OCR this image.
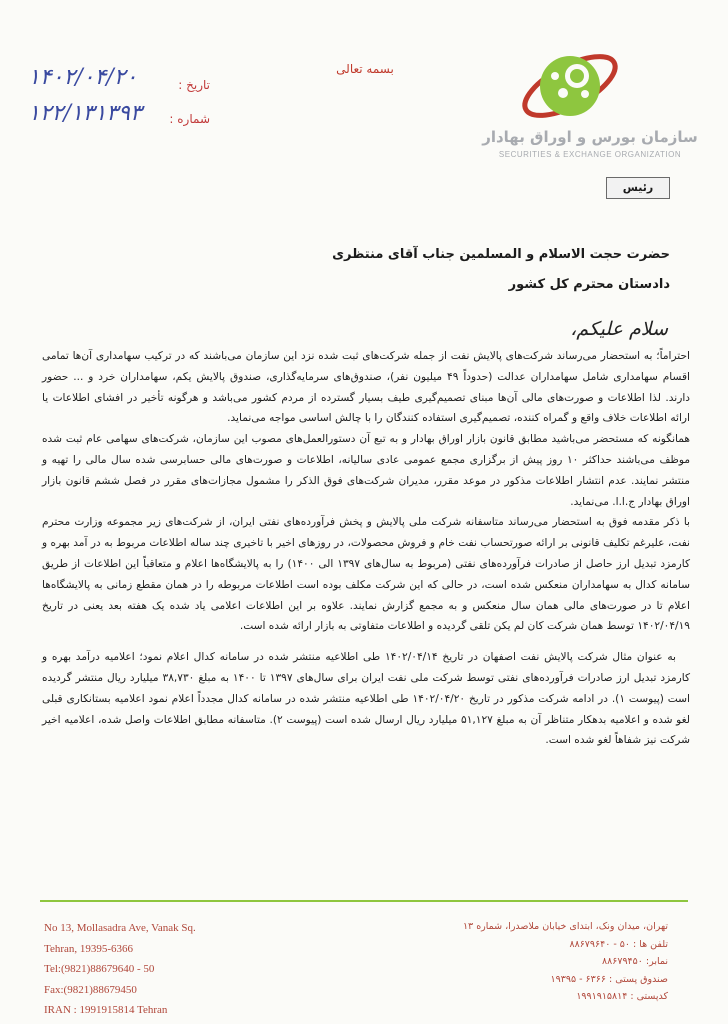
سازمان بورس و اوراق بهادار
SECURITIES & EXCHANGE ORGANIZATION
بسمه تعالی
تاریخ :
شماره :
۱۴۰۲/۰۴/۲۰
۱۲۲/۱۳۱۳۹۳
رئیس
حضرت حجت الاسلام و المسلمین جناب آقای منتظری
دادستان محترم کل کشور
سلام علیکم،

احتراماً؛ به استحضار می‌رساند شرکت‌های پالایش نفت از جمله شرکت‌های ثبت شده نزد این سازمان می‌باشند که در ترکیب سهامداری آن‌ها تمامی اقسام سهامداری شامل سهامداران عدالت (حدوداً ۴۹ میلیون نفر)، صندوق‌های سرمایه‌گذاری، صندوق پالایش یکم، سهامداران خرد و ... حضور دارند. لذا اطلاعات و صورت‌های مالی آن‌ها مبنای تصمیم‌گیری طیف بسیار گسترده از مردم کشور می‌باشد و هرگونه تأخیر در افشای اطلاعات یا ارائه اطلاعات خلاف واقع و گمراه کننده، تصمیم‌گیری استفاده کنندگان را با چالش اساسی مواجه می‌نماید.

همانگونه که مستحضر می‌باشید مطابق قانون بازار اوراق بهادار و به تبع آن دستورالعمل‌های مصوب این سازمان، شرکت‌های سهامی عام ثبت شده موظف می‌باشند حداکثر ۱۰ روز پیش از برگزاری مجمع عمومی عادی سالیانه، اطلاعات و صورت‌های مالی حسابرسی شده سال مالی را تهیه و منتشر نمایند. عدم انتشار اطلاعات مذکور در موعد مقرر، مدیران شرکت‌های فوق الذکر را مشمول مجازات‌های مقرر در فصل ششم قانون بازار اوراق بهادار ج.ا.ا. می‌نماید.

با ذکر مقدمه فوق به استحضار می‌رساند متاسفانه شرکت ملی پالایش و پخش فرآورده‌های نفتی ایران، از شرکت‌های زیر مجموعه وزارت محترم نفت، علیرغم تکلیف قانونی بر ارائه صورتحساب نفت خام و فروش محصولات، در روزهای اخیر با تاخیری چند ساله اطلاعات مربوط به در آمد بهره و کارمزد تبدیل ارز حاصل از صادرات فرآورده‌های نفتی (مربوط به سال‌های ۱۳۹۷ الی ۱۴۰۰) را به پالایشگاه‌ها اعلام و متعاقباً این اطلاعات از طریق سامانه کدال به سهامداران منعکس شده است، در حالی که این شرکت مکلف بوده است اطلاعات مربوطه را در همان مقطع زمانی به پالایشگاه‌ها اعلام تا در صورت‌های مالی همان سال منعکس و به مجمع گزارش نمایند. علاوه بر این اطلاعات اعلامی یاد شده یک هفته بعد یعنی در تاریخ ۱۴۰۲/۰۴/۱۹ توسط همان شرکت کان لم یکن تلقی گردیده و اطلاعات متفاوتی به بازار ارائه شده است.

به عنوان مثال شرکت پالایش نفت اصفهان در تاریخ ۱۴۰۲/۰۴/۱۴ طی اطلاعیه منتشر شده در سامانه کدال اعلام نمود؛ اعلامیه درآمد بهره و کارمزد تبدیل ارز صادرات فرآورده‌های نفتی توسط شرکت ملی نفت ایران برای سال‌های ۱۳۹۷ تا ۱۴۰۰ به مبلغ ۳۸,۷۳۰ میلیارد ریال منتشر گردیده است (پیوست ۱). در ادامه شرکت مذکور در تاریخ ۱۴۰۲/۰۴/۲۰ طی اطلاعیه منتشر شده در سامانه کدال مجدداً اعلام نمود اعلامیه بستانکاری قبلی لغو شده و اعلامیه بدهکار متناظر آن به مبلغ ۵۱,۱۲۷ میلیارد ریال ارسال شده است (پیوست ۲). متاسفانه مطابق اطلاعات واصل شده، اعلامیه اخیر شرکت نیز شفاهاً لغو شده است.

No 13, Mollasadra Ave, Vanak Sq.
Tehran, 19395-6366
Tel:(9821)88679640 - 50
Fax:(9821)88679450
IRAN : 1991915814 Tehran
تهران، میدان ونک، ابتدای خیابان ملاصدرا، شماره ۱۳
تلفن ها : ۵۰ - ۸۸۶۷۹۶۴۰
نمابر: ۸۸۶۷۹۴۵۰
صندوق پستی : ۶۳۶۶ - ۱۹۳۹۵
کدپستی : ۱۹۹۱۹۱۵۸۱۴
